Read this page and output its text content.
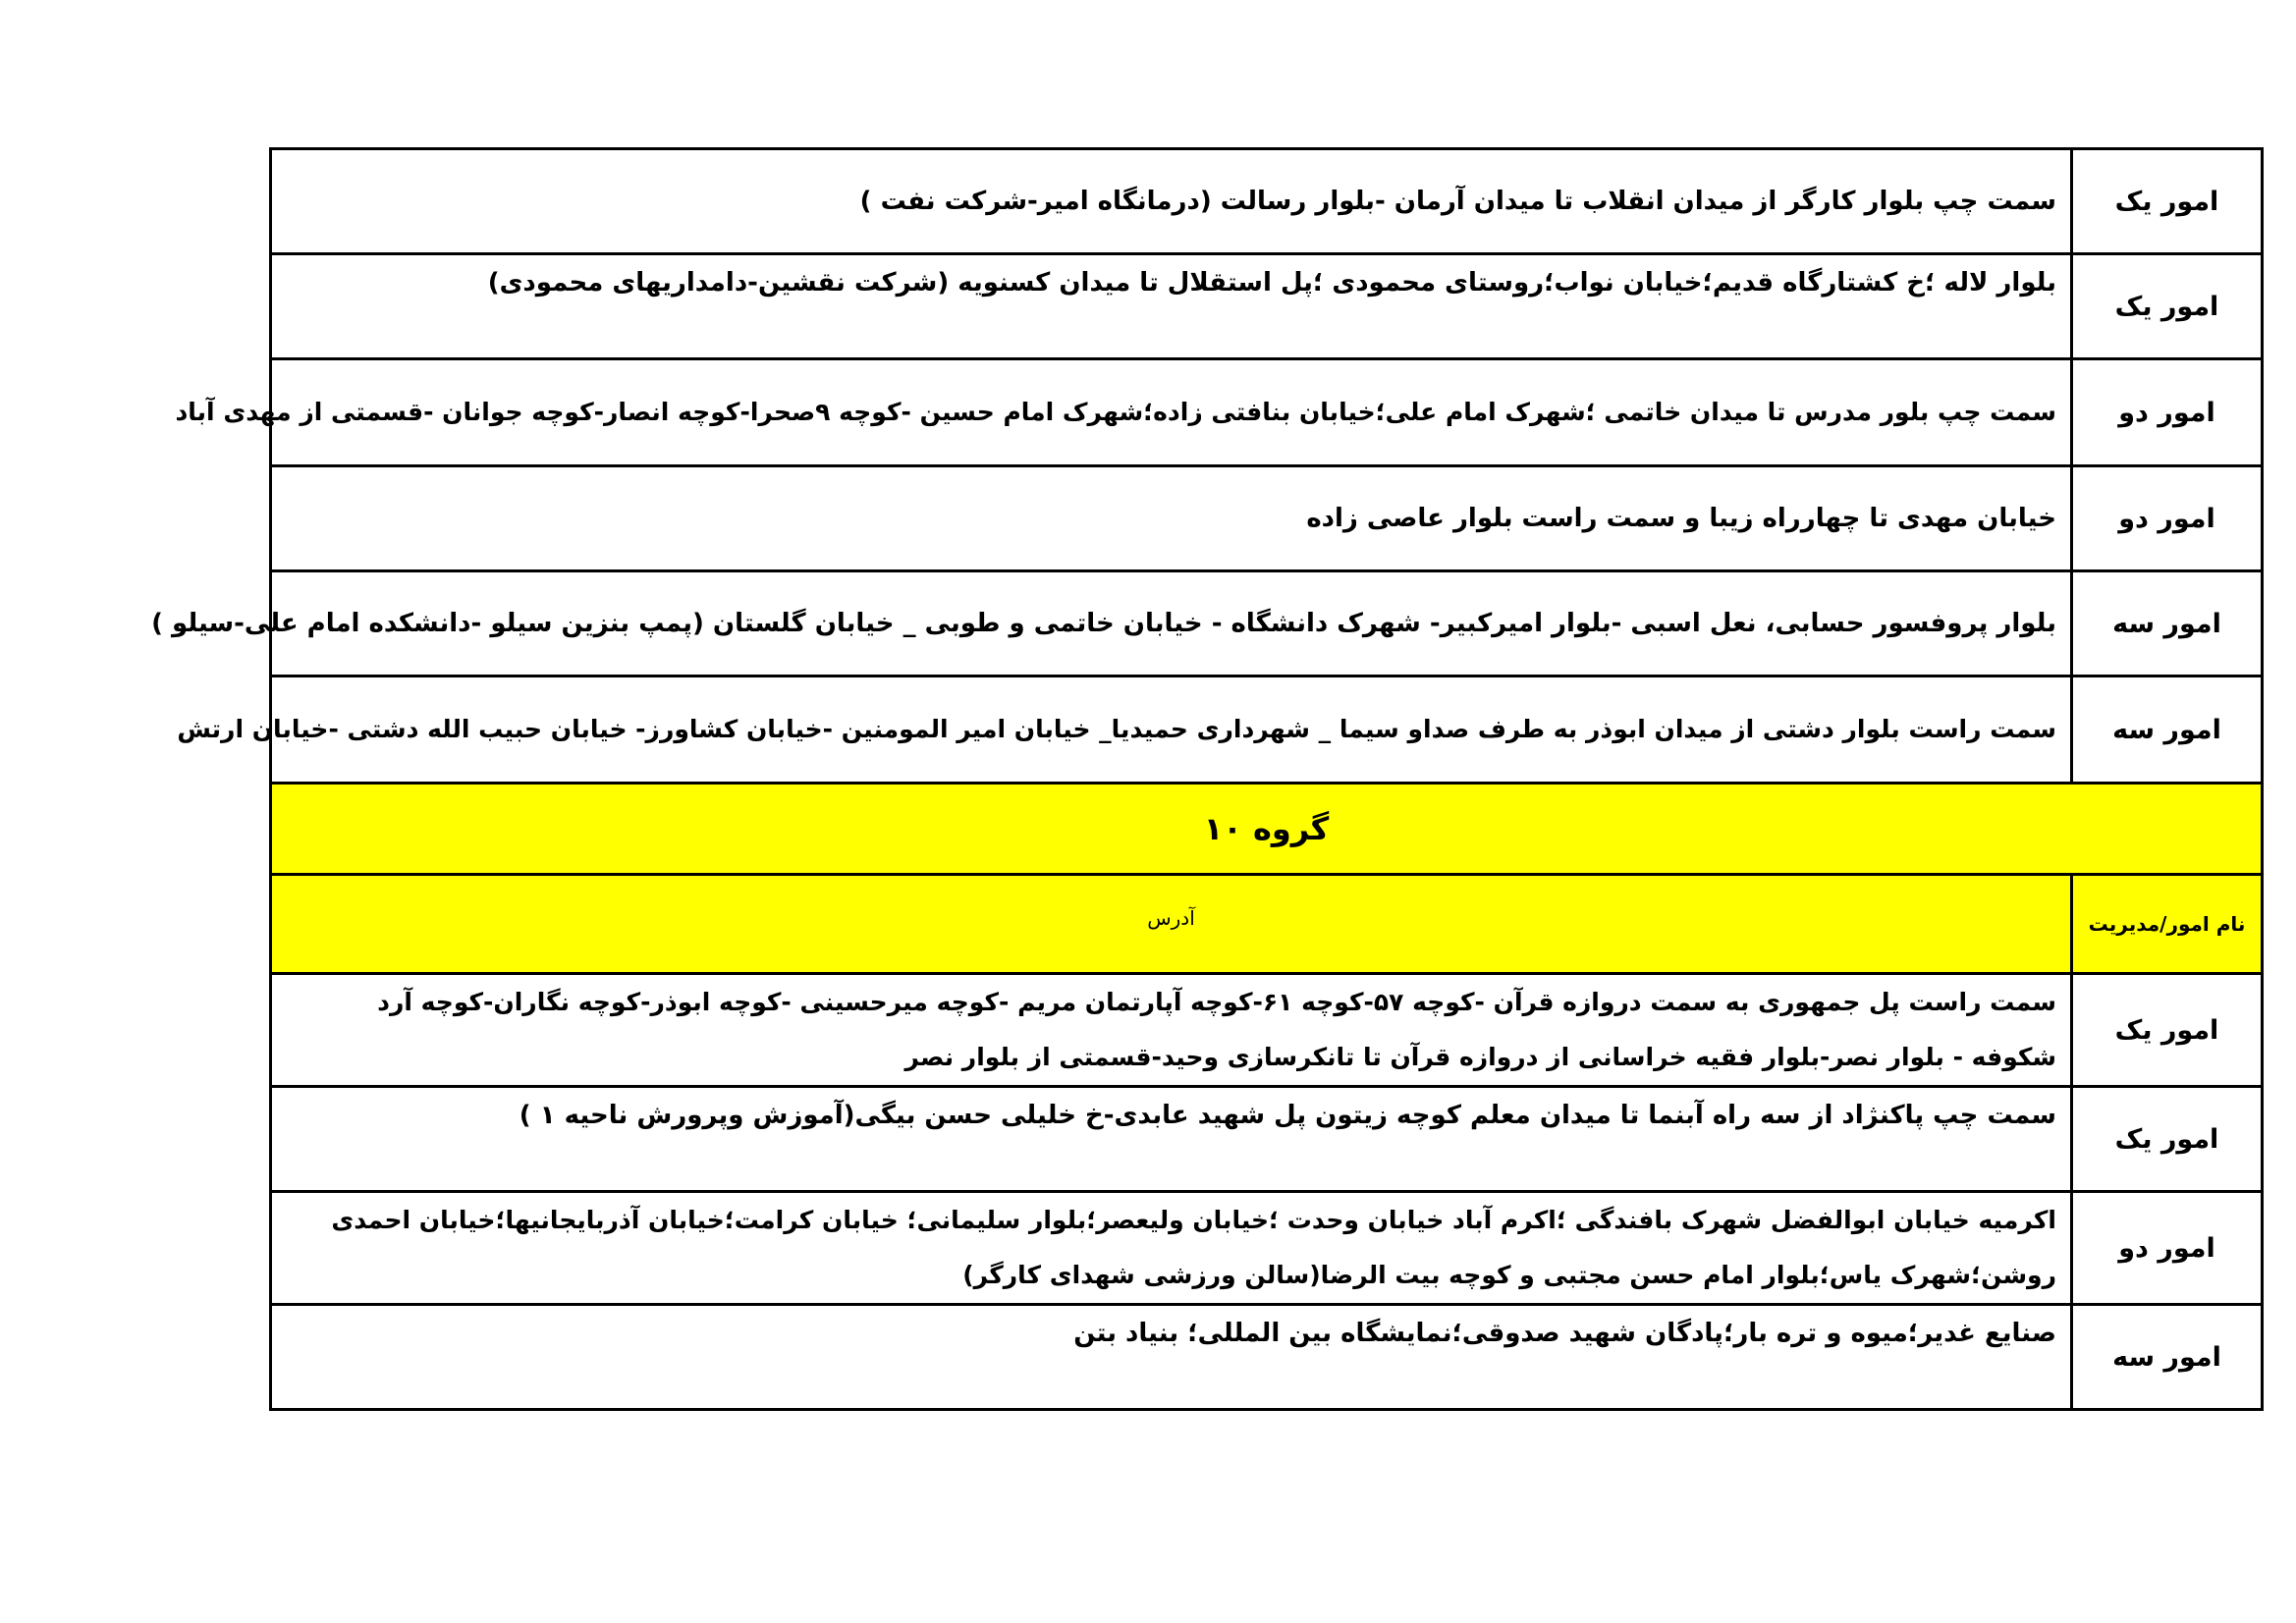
امور یک	سمت چپ بلوار کارگر از میدان انقلاب تا میدان آرمان -بلوار رسالت (درمانگاه امیر-شرکت نفت )
امور یک	بلوار لاله ؛خ کشتارگاه قدیم؛خیابان نواب؛روستای محمودی ؛پل استقلال تا میدان کسنویه (شرکت نقشین-دامداریهای محمودی)
امور دو	سمت چپ بلور مدرس تا میدان خاتمی ؛شهرک امام علی؛خیابان بنافتی زاده؛شهرک امام حسین -کوچه ۹صحرا-کوچه انصار-کوچه جوانان -قسمتی از مهدی آباد
امور دو	خیابان مهدی تا چهارراه زیبا و سمت راست بلوار عاصی زاده
امور سه	بلوار پروفسور حسابی، نعل اسبی -بلوار امیرکبیر- شهرک دانشگاه - خیابان خاتمی و طوبی _ خیابان گلستان (پمپ بنزین سیلو -دانشکده امام علی-سیلو )
امور سه	سمت راست بلوار دشتی از میدان ابوذر به طرف صداو سیما _ شهرداری حمیدیا_ خیابان امیر المومنین -خیابان کشاورز- خیابان حبیب الله دشتی -خیابان ارتش
گروه ۱۰	
نام امور/مدیریت	آدرس
امور یک	سمت راست پل جمهوری به سمت دروازه قرآن -کوچه ۵۷-کوچه ۶۱-کوچه آپارتمان مریم -کوچه میرحسینی -کوچه ابوذر-کوچه نگاران-کوچه آرد شکوفه - بلوار نصر-بلوار فقیه خراسانی از دروازه قرآن تا تانکرسازی وحید-قسمتی از بلوار نصر
امور یک	سمت چپ پاکنژاد از سه راه آبنما تا میدان معلم کوچه زیتون پل شهید عابدی-خ خلیلی حسن بیگی(آموزش وپرورش ناحیه ۱ )
امور دو	اکرمیه خیابان ابوالفضل شهرک بافندگی ؛اکرم آباد خیابان وحدت ؛خیابان ولیعصر؛بلوار سلیمانی؛ خیابان کرامت؛خیابان آذربایجانیها؛خیابان احمدی روشن؛شهرک یاس؛بلوار امام حسن مجتبی و کوچه بیت الرضا(سالن ورزشی شهدای کارگر)
امور سه	صنایع غدیر؛میوه و تره بار؛پادگان شهید صدوقی؛نمایشگاه بین المللی؛ بنیاد بتن
